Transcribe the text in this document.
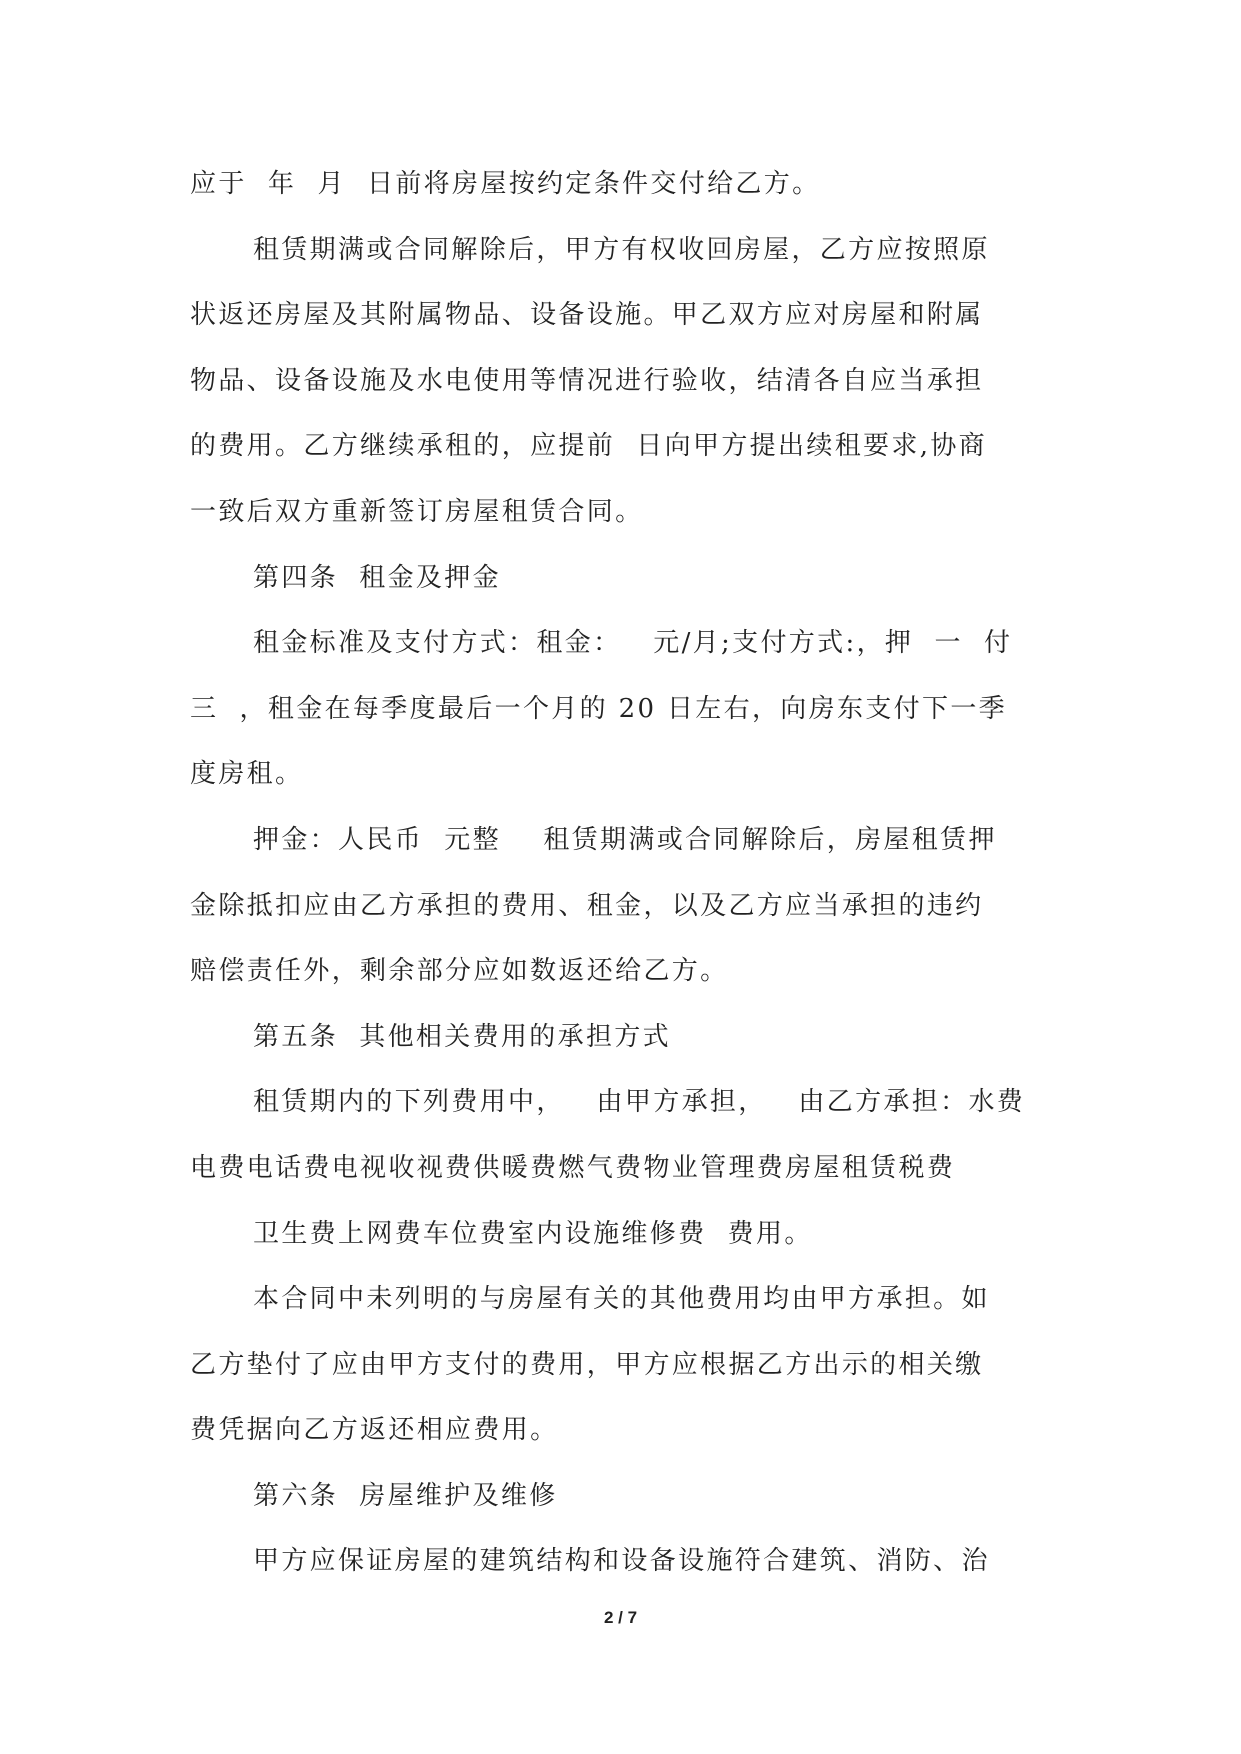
应于  年  月  日前将房屋按约定条件交付给乙方。
租赁期满或合同解除后，甲方有权收回房屋，乙方应按照原
状返还房屋及其附属物品、设备设施。甲乙双方应对房屋和附属
物品、设备设施及水电使用等情况进行验收，结清各自应当承担
的费用。乙方继续承租的，应提前  日向甲方提出续租要求,协商
一致后双方重新签订房屋租赁合同。
第四条  租金及押金
租金标准及支付方式：租金：   元/月;支付方式:，押  一  付
三  ，租金在每季度最后一个月的 20 日左右，向房东支付下一季
度房租。
押金：人民币  元整    租赁期满或合同解除后，房屋租赁押
金除抵扣应由乙方承担的费用、租金，以及乙方应当承担的违约
赔偿责任外，剩余部分应如数返还给乙方。
第五条  其他相关费用的承担方式
租赁期内的下列费用中，   由甲方承担，   由乙方承担：水费
电费电话费电视收视费供暖费燃气费物业管理费房屋租赁税费
卫生费上网费车位费室内设施维修费  费用。
本合同中未列明的与房屋有关的其他费用均由甲方承担。如
乙方垫付了应由甲方支付的费用，甲方应根据乙方出示的相关缴
费凭据向乙方返还相应费用。
第六条  房屋维护及维修
甲方应保证房屋的建筑结构和设备设施符合建筑、消防、治
2 / 7
